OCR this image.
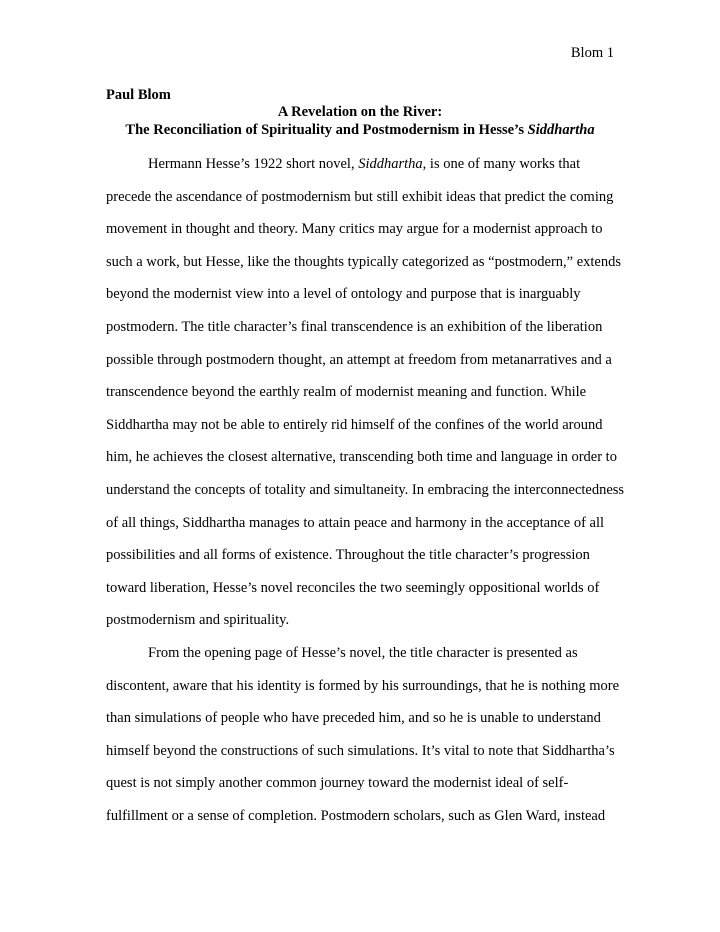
Blom 1
Paul Blom
A Revelation on the River:
The Reconciliation of Spirituality and Postmodernism in Hesse’s Siddhartha
Hermann Hesse’s 1922 short novel, Siddhartha, is one of many works that
precede the ascendance of postmodernism but still exhibit ideas that predict the coming
movement in thought and theory. Many critics may argue for a modernist approach to
such a work, but Hesse, like the thoughts typically categorized as “postmodern,” extends
beyond the modernist view into a level of ontology and purpose that is inarguably
postmodern. The title character’s final transcendence is an exhibition of the liberation
possible through postmodern thought, an attempt at freedom from metanarratives and a
transcendence beyond the earthly realm of modernist meaning and function. While
Siddhartha may not be able to entirely rid himself of the confines of the world around
him, he achieves the closest alternative, transcending both time and language in order to
understand the concepts of totality and simultaneity. In embracing the interconnectedness
of all things, Siddhartha manages to attain peace and harmony in the acceptance of all
possibilities and all forms of existence. Throughout the title character’s progression
toward liberation, Hesse’s novel reconciles the two seemingly oppositional worlds of
postmodernism and spirituality.
From the opening page of Hesse’s novel, the title character is presented as
discontent, aware that his identity is formed by his surroundings, that he is nothing more
than simulations of people who have preceded him, and so he is unable to understand
himself beyond the constructions of such simulations. It’s vital to note that Siddhartha’s
quest is not simply another common journey toward the modernist ideal of self-
fulfillment or a sense of completion. Postmodern scholars, such as Glen Ward, instead
